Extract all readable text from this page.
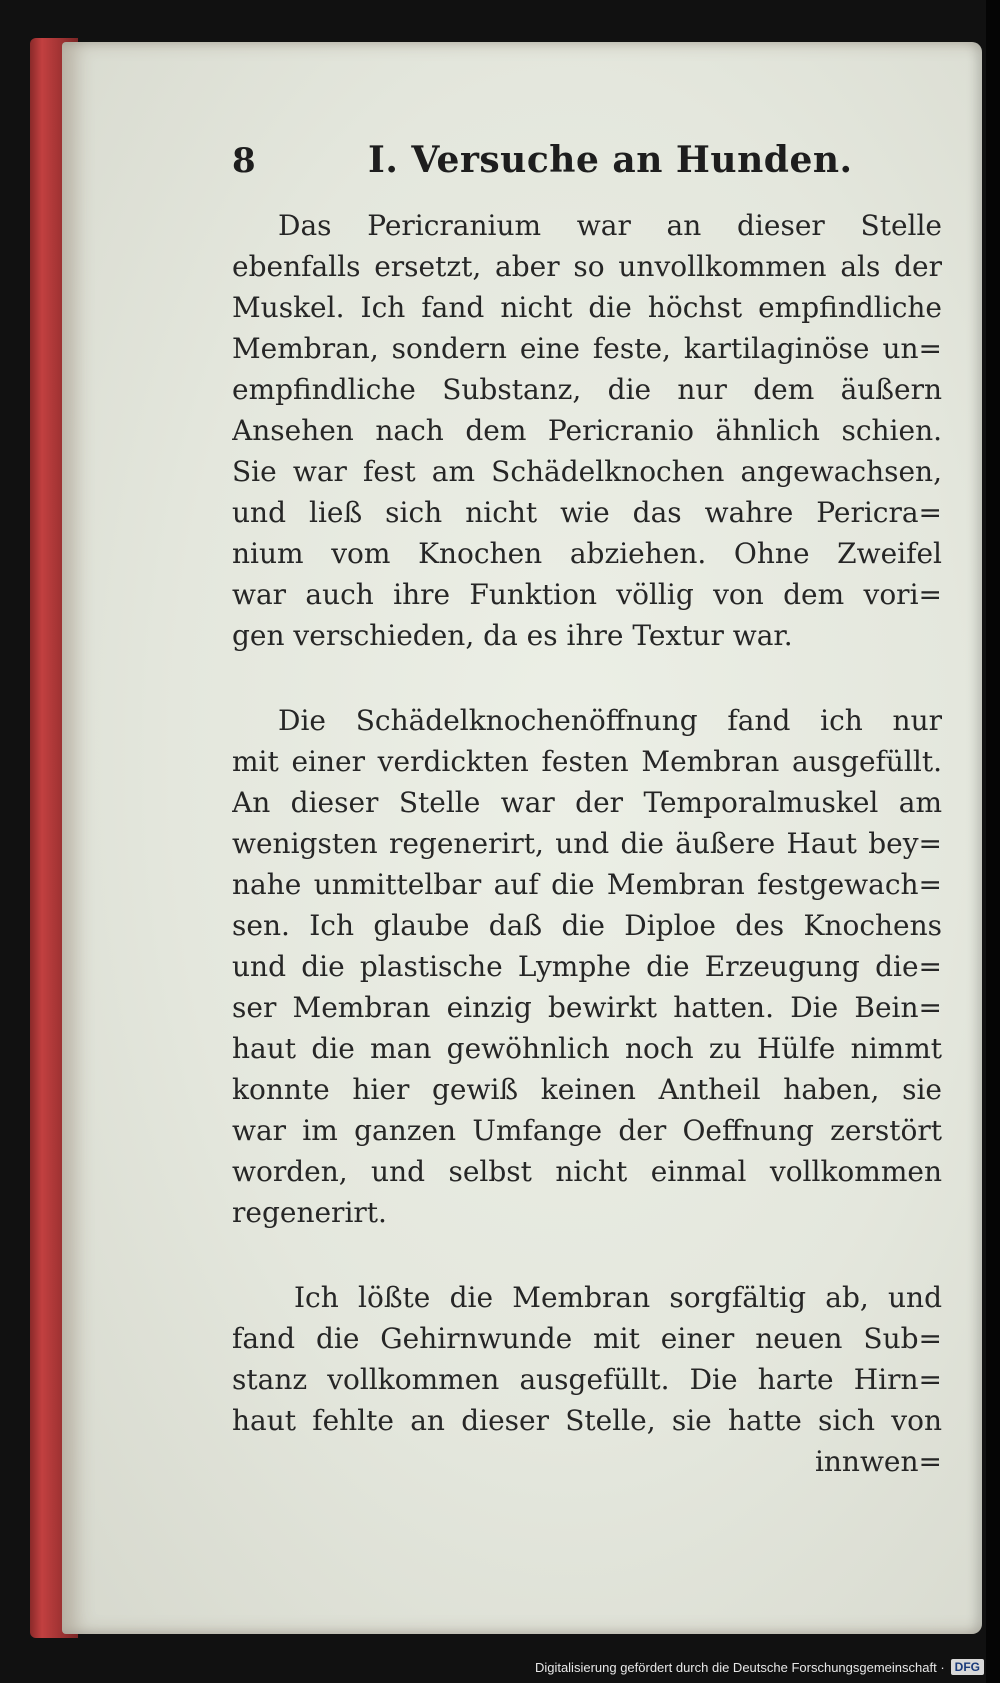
8	I. Versuche an Hunden.
Das Pericranium war an dieser Stelle
ebenfalls ersetzt, aber so unvollkommen als der
Muskel. Ich fand nicht die höchst empfindliche
Membran, sondern eine feste, kartilaginöse un=
empfindliche Substanz, die nur dem äußern
Ansehen nach dem Pericranio ähnlich schien.
Sie war fest am Schädelknochen angewachsen,
und ließ sich nicht wie das wahre Pericra=
nium vom Knochen abziehen. Ohne Zweifel
war auch ihre Funktion völlig von dem vori=
gen verschieden, da es ihre Textur war.
Die Schädelknochenöffnung fand ich nur
mit einer verdickten festen Membran ausgefüllt.
An dieser Stelle war der Temporalmuskel am
wenigsten regenerirt, und die äußere Haut bey=
nahe unmittelbar auf die Membran festgewach=
sen. Ich glaube daß die Diploe des Knochens
und die plastische Lymphe die Erzeugung die=
ser Membran einzig bewirkt hatten. Die Bein=
haut die man gewöhnlich noch zu Hülfe nimmt
konnte hier gewiß keinen Antheil haben, sie
war im ganzen Umfange der Oeffnung zerstört
worden, und selbst nicht einmal vollkommen
regenerirt.
Ich lößte die Membran sorgfältig ab, und
fand die Gehirnwunde mit einer neuen Sub=
stanz vollkommen ausgefüllt. Die harte Hirn=
haut fehlte an dieser Stelle, sie hatte sich von
innwen=
Digitalisierung gefördert durch die Deutsche Forschungsgemeinschaft · DFG
